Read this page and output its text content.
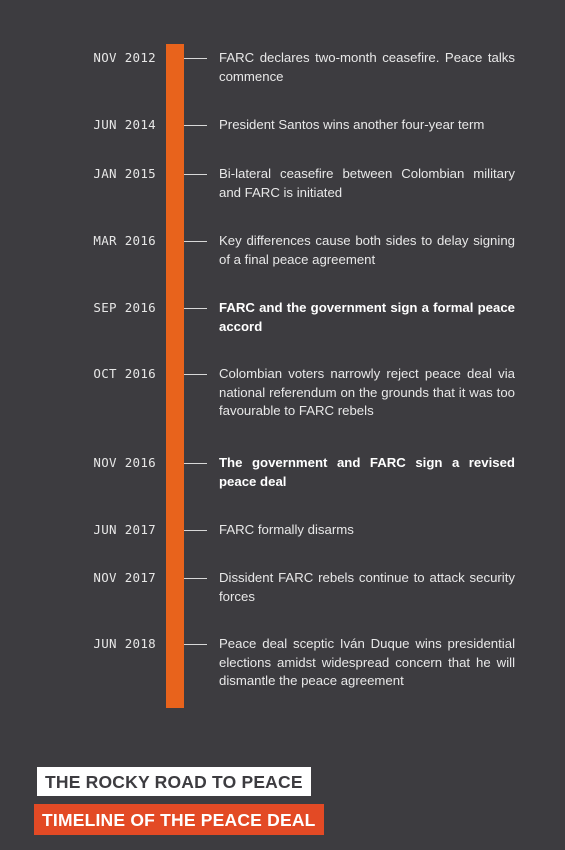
NOV 2012	FARC declares two-month ceasefire. Peace talks commence
JUN 2014	President Santos wins another four-year term
JAN 2015	Bi-lateral ceasefire between Colombian military and FARC is initiated
MAR 2016	Key differences cause both sides to delay signing of a final peace agreement
SEP 2016	FARC and the government sign a formal peace accord
OCT 2016	Colombian voters narrowly reject peace deal via national referendum on the grounds that it was too favourable to FARC rebels
NOV 2016	The government and FARC sign a revised peace deal
JUN 2017	FARC formally disarms
NOV 2017	Dissident FARC rebels continue to attack security forces
JUN 2018	Peace deal sceptic Iván Duque wins presidential elections amidst widespread concern that he will dismantle the peace agreement
THE ROCKY ROAD TO PEACE
TIMELINE OF THE PEACE DEAL
